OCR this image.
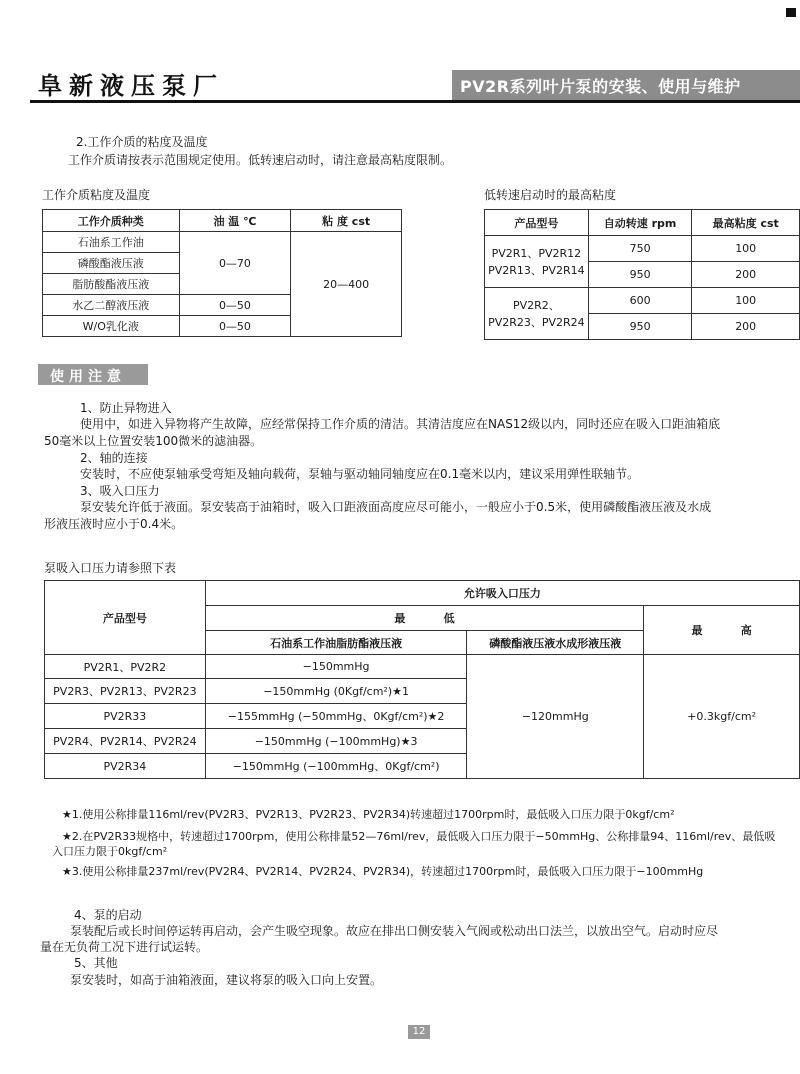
阜新液压泵厂	PV2R系列叶片泵的安装、使用与维护
2.工作介质的粘度及温度
工作介质请按表示范围规定使用。低转速启动时，请注意最高粘度限制。
工作介质粘度及温度
工作介质种类	油 温 ℃	粘 度 cst
石油系工作油	0—70	20—400
磷酸酯液压液		
脂肪酸酯液压液		
水乙二醇液压液	0—50	
W/O乳化液	0—50	
低转速启动时的最高粘度
产品型号	自动转速 rpm	最高粘度 cst
PV2R1、PV2R12
PV2R13、PV2R14	750	100
	950	200
PV2R2、
PV2R23、PV2R24	600	100
	950	200
使用注意
1、防止异物进入
使用中，如进入异物将产生故障，应经常保持工作介质的清洁。其清洁度应在NAS12级以内，同时还应在吸入口距油箱底
50毫米以上位置安装100微米的滤油器。
2、轴的连接
安装时，不应使泵轴承受弯矩及轴向载荷，泵轴与驱动轴同轴度应在0.1毫米以内，建议采用弹性联轴节。
3、吸入口压力
泵安装允许低于液面。泵安装高于油箱时，吸入口距液面高度应尽可能小，一般应小于0.5米，使用磷酸酯液压液及水成
形液压液时应小于0.4米。
泵吸入口压力请参照下表
产品型号	允许吸入口压力		
	最          低		最          高
	石油系工作油脂肪酯液压液	磷酸酯液压液水成形液压液	
PV2R1、PV2R2	−150mmHg	−120mmHg	+0.3kgf/cm²
PV2R3、PV2R13、PV2R23	−150mmHg (0Kgf/cm²)★1		
PV2R33	−155mmHg (−50mmHg、0Kgf/cm²)★2		
PV2R4、PV2R14、PV2R24	−150mmHg (−100mmHg)★3		
PV2R34	−150mmHg (−100mmHg、0Kgf/cm²)		
★1.使用公称排量116ml/rev(PV2R3、PV2R13、PV2R23、PV2R34)转速超过1700rpm时，最低吸入口压力限于0kgf/cm²
★2.在PV2R33规格中，转速超过1700rpm，使用公称排量52—76ml/rev，最低吸入口压力限于−50mmHg、公称排量94、116ml/rev、最低吸
入口压力限于0kgf/cm²
★3.使用公称排量237ml/rev(PV2R4、PV2R14、PV2R24、PV2R34)，转速超过1700rpm时，最低吸入口压力限于−100mmHg
4、泵的启动
泵装配后或长时间停运转再启动，会产生吸空现象。故应在排出口侧安装入气阀或松动出口法兰，以放出空气。启动时应尽
量在无负荷工况下进行试运转。
5、其他
泵安装时，如高于油箱液面，建议将泵的吸入口向上安置。
12
